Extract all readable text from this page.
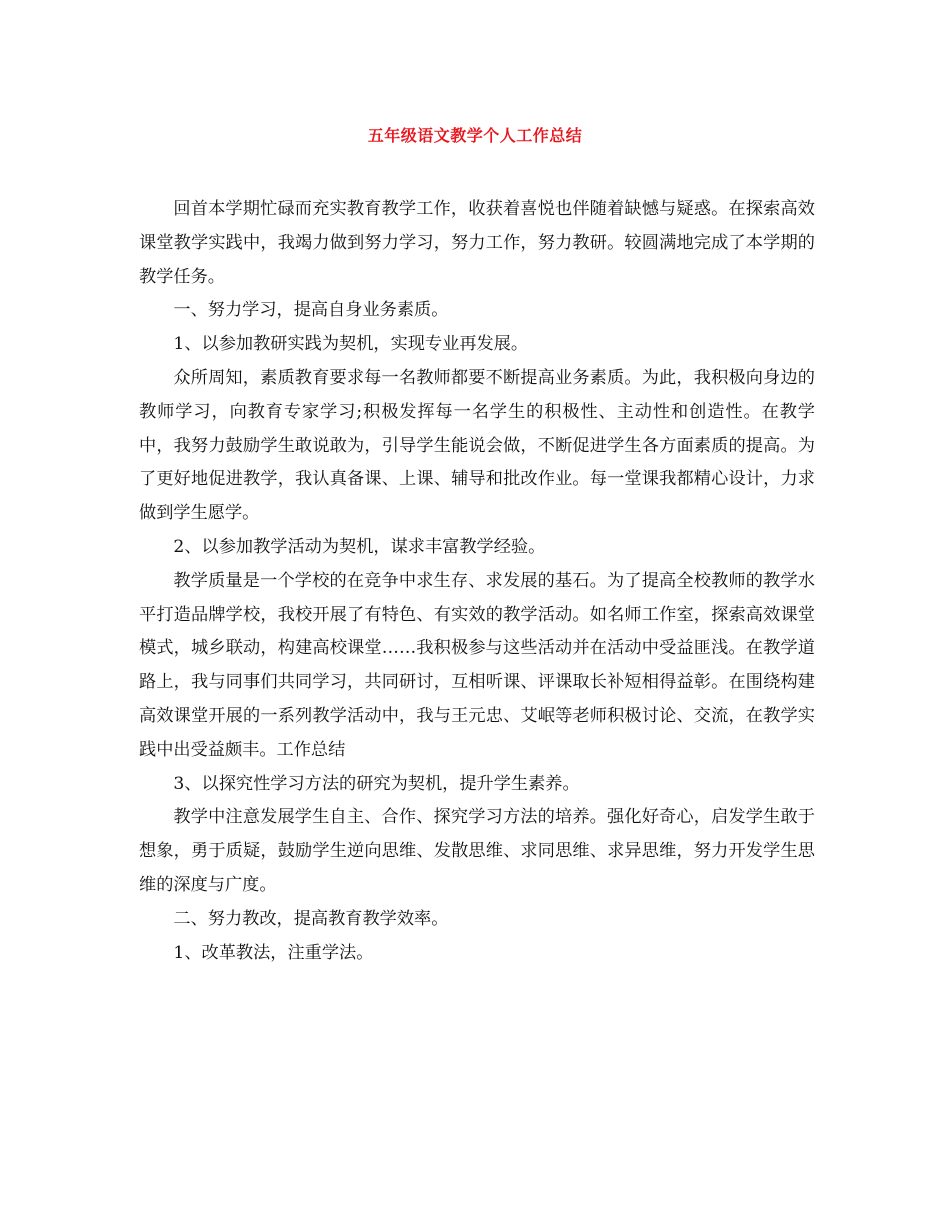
五年级语文教学个人工作总结

回首本学期忙碌而充实教育教学工作，收获着喜悦也伴随着缺憾与疑惑。在探索高效课堂教学实践中，我竭力做到努力学习，努力工作，努力教研。较圆满地完成了本学期的教学任务。

一、努力学习，提高自身业务素质。

1、以参加教研实践为契机，实现专业再发展。

众所周知，素质教育要求每一名教师都要不断提高业务素质。为此，我积极向身边的教师学习，向教育专家学习;积极发挥每一名学生的积极性、主动性和创造性。在教学中，我努力鼓励学生敢说敢为，引导学生能说会做，不断促进学生各方面素质的提高。为了更好地促进教学，我认真备课、上课、辅导和批改作业。每一堂课我都精心设计，力求做到学生愿学。

2、以参加教学活动为契机，谋求丰富教学经验。

教学质量是一个学校的在竞争中求生存、求发展的基石。为了提高全校教师的教学水平打造品牌学校，我校开展了有特色、有实效的教学活动。如名师工作室，探索高效课堂模式，城乡联动，构建高校课堂……我积极参与这些活动并在活动中受益匪浅。在教学道路上，我与同事们共同学习，共同研讨，互相听课、评课取长补短相得益彰。在围绕构建高效课堂开展的一系列教学活动中，我与王元忠、艾岷等老师积极讨论、交流，在教学实践中出受益颇丰。工作总结

3、以探究性学习方法的研究为契机，提升学生素养。

教学中注意发展学生自主、合作、探究学习方法的培养。强化好奇心，启发学生敢于想象，勇于质疑，鼓励学生逆向思维、发散思维、求同思维、求异思维，努力开发学生思维的深度与广度。

二、努力教改，提高教育教学效率。

1、改革教法，注重学法。
